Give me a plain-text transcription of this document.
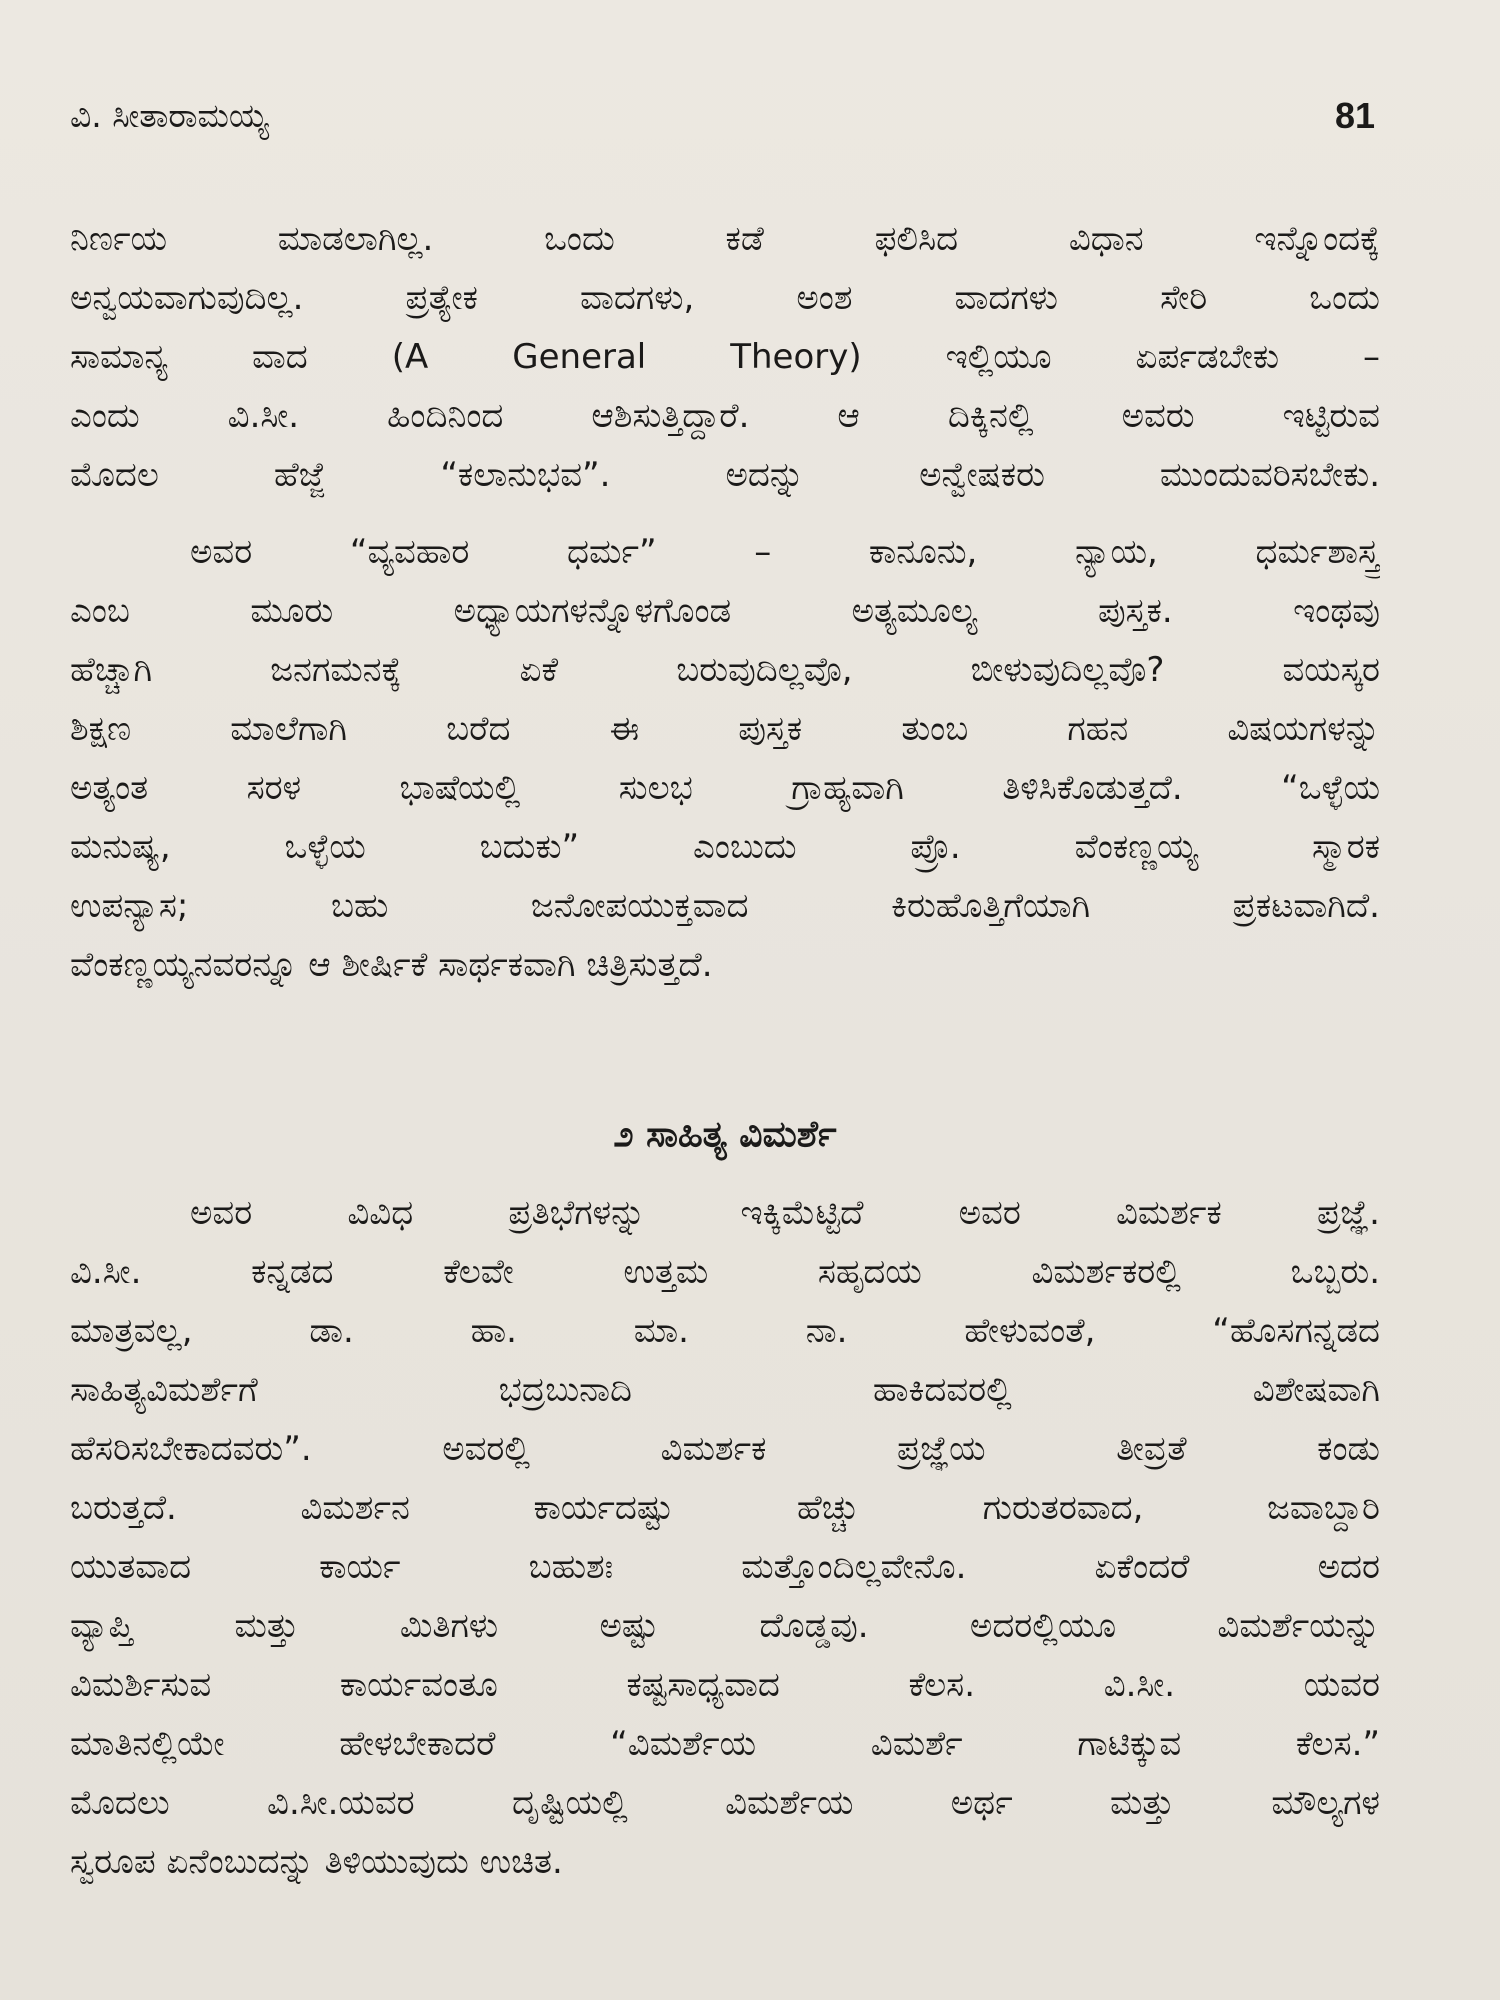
ವಿ. ಸೀತಾರಾಮಯ್ಯ	81
ನಿರ್ಣಯ ಮಾಡಲಾಗಿಲ್ಲ. ಒಂದು ಕಡೆ ಫಲಿಸಿದ ವಿಧಾನ ಇನ್ನೊಂದಕ್ಕೆ
ಅನ್ವಯವಾಗುವುದಿಲ್ಲ. ಪ್ರತ್ಯೇಕ ವಾದಗಳು, ಅಂಶ ವಾದಗಳು ಸೇರಿ ಒಂದು
ಸಾಮಾನ್ಯ ವಾದ (A General Theory) ಇಲ್ಲಿಯೂ ಏರ್ಪಡಬೇಕು –
ಎಂದು ವಿ.ಸೀ. ಹಿಂದಿನಿಂದ ಆಶಿಸುತ್ತಿದ್ದಾರೆ. ಆ ದಿಕ್ಕಿನಲ್ಲಿ ಅವರು ಇಟ್ಟಿರುವ
ಮೊದಲ ಹೆಜ್ಜೆ “ಕಲಾನುಭವ”. ಅದನ್ನು ಅನ್ವೇಷಕರು ಮುಂದುವರಿಸಬೇಕು.
ಅವರ “ವ್ಯವಹಾರ ಧರ್ಮ” – ಕಾನೂನು, ನ್ಯಾಯ, ಧರ್ಮಶಾಸ್ತ್ರ
ಎಂಬ ಮೂರು ಅಧ್ಯಾಯಗಳನ್ನೊಳಗೊಂಡ ಅತ್ಯಮೂಲ್ಯ ಪುಸ್ತಕ. ಇಂಥವು
ಹೆಚ್ಚಾಗಿ ಜನಗಮನಕ್ಕೆ ಏಕೆ ಬರುವುದಿಲ್ಲವೊ, ಬೀಳುವುದಿಲ್ಲವೊ? ವಯಸ್ಕರ
ಶಿಕ್ಷಣ ಮಾಲೆಗಾಗಿ ಬರೆದ ಈ ಪುಸ್ತಕ ತುಂಬ ಗಹನ ವಿಷಯಗಳನ್ನು
ಅತ್ಯಂತ ಸರಳ ಭಾಷೆಯಲ್ಲಿ ಸುಲಭ ಗ್ರಾಹ್ಯವಾಗಿ ತಿಳಿಸಿಕೊಡುತ್ತದೆ. “ಒಳ್ಳೆಯ
ಮನುಷ್ಯ, ಒಳ್ಳೆಯ ಬದುಕು” ಎಂಬುದು ಪ್ರೊ. ವೆಂಕಣ್ಣಯ್ಯ ಸ್ಮಾರಕ
ಉಪನ್ಯಾಸ; ಬಹು ಜನೋಪಯುಕ್ತವಾದ ಕಿರುಹೊತ್ತಿಗೆಯಾಗಿ ಪ್ರಕಟವಾಗಿದೆ.
ವೆಂಕಣ್ಣಯ್ಯನವರನ್ನೂ ಆ ಶೀರ್ಷಿಕೆ ಸಾರ್ಥಕವಾಗಿ ಚಿತ್ರಿಸುತ್ತದೆ.
೨ ಸಾಹಿತ್ಯ ವಿಮರ್ಶೆ
ಅವರ ವಿವಿಧ ಪ್ರತಿಭೆಗಳನ್ನು ಇಕ್ಕಿಮೆಟ್ಟಿದೆ ಅವರ ವಿಮರ್ಶಕ ಪ್ರಜ್ಞೆ.
ವಿ.ಸೀ. ಕನ್ನಡದ ಕೆಲವೇ ಉತ್ತಮ ಸಹೃದಯ ವಿಮರ್ಶಕರಲ್ಲಿ ಒಬ್ಬರು.
ಮಾತ್ರವಲ್ಲ, ಡಾ. ಹಾ. ಮಾ. ನಾ. ಹೇಳುವಂತೆ, “ಹೊಸಗನ್ನಡದ
ಸಾಹಿತ್ಯವಿಮರ್ಶೆಗೆ ಭದ್ರಬುನಾದಿ ಹಾಕಿದವರಲ್ಲಿ ವಿಶೇಷವಾಗಿ
ಹೆಸರಿಸಬೇಕಾದವರು”. ಅವರಲ್ಲಿ ವಿಮರ್ಶಕ ಪ್ರಜ್ಞೆಯ ತೀವ್ರತೆ ಕಂಡು
ಬರುತ್ತದೆ. ವಿಮರ್ಶನ ಕಾರ್ಯದಷ್ಟು ಹೆಚ್ಚು ಗುರುತರವಾದ, ಜವಾಬ್ದಾರಿ
ಯುತವಾದ ಕಾರ್ಯ ಬಹುಶಃ ಮತ್ತೊಂದಿಲ್ಲವೇನೊ. ಏಕೆಂದರೆ ಅದರ
ವ್ಯಾಪ್ತಿ ಮತ್ತು ಮಿತಿಗಳು ಅಷ್ಟು ದೊಡ್ಡವು. ಅದರಲ್ಲಿಯೂ ವಿಮರ್ಶೆಯನ್ನು
ವಿಮರ್ಶಿಸುವ ಕಾರ್ಯವಂತೂ ಕಷ್ಟಸಾಧ್ಯವಾದ ಕೆಲಸ. ವಿ.ಸೀ. ಯವರ
ಮಾತಿನಲ್ಲಿಯೇ ಹೇಳಬೇಕಾದರೆ “ವಿಮರ್ಶೆಯ ವಿಮರ್ಶೆ ಗಾಟಿಕ್ಕುವ ಕೆಲಸ.”
ಮೊದಲು ವಿ.ಸೀ.ಯವರ ದೃಷ್ಟಿಯಲ್ಲಿ ವಿಮರ್ಶೆಯ ಅರ್ಥ ಮತ್ತು ಮೌಲ್ಯಗಳ
ಸ್ವರೂಪ ಏನೆಂಬುದನ್ನು ತಿಳಿಯುವುದು ಉಚಿತ.
